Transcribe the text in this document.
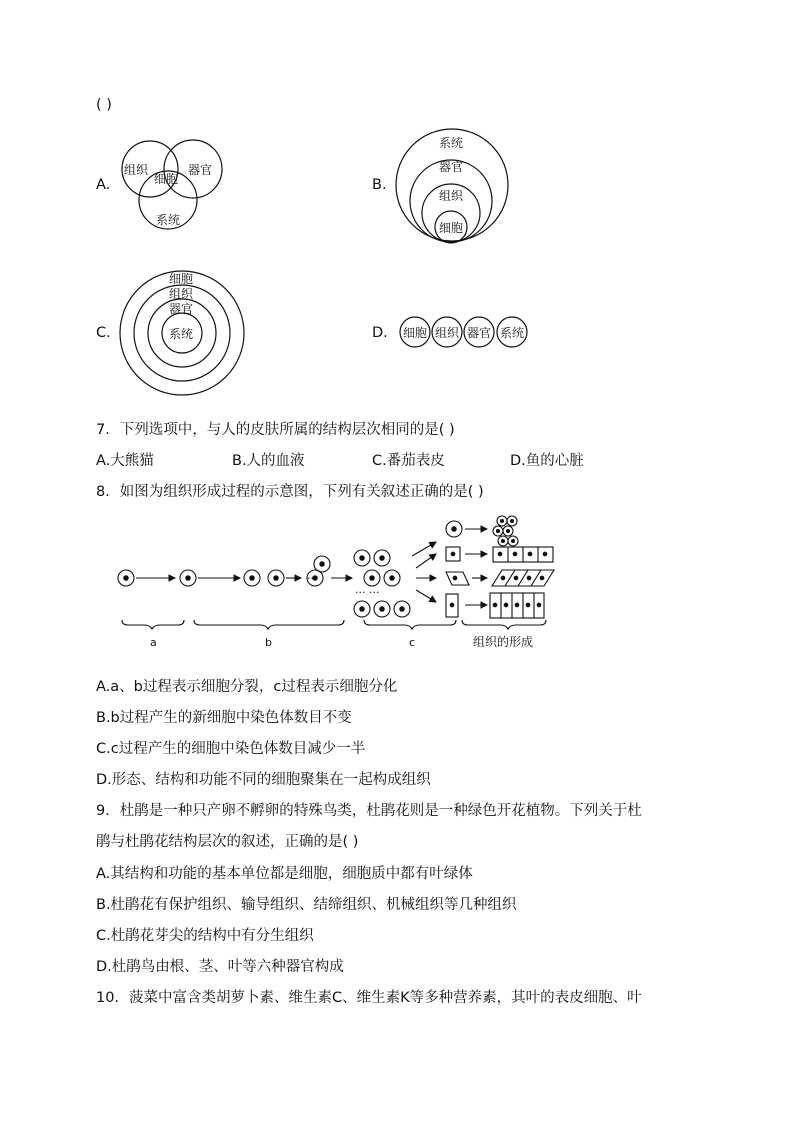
( )
A.
组织	器官
细胞
系统
B.
系统
器官
组织
细胞
C.
细胞
组织
器官
系统	D. 细胞 组织 器官 系统
7．下列选项中，与人的皮肤所属的结构层次相同的是( )
A.大熊猫	B.人的血液	C.番茄表皮	D.鱼的心脏
8．如图为组织形成过程的示意图，下列有关叙述正确的是( )
···
··· ···
a	b	c	组织的形成
A.a、b过程表示细胞分裂，c过程表示细胞分化
B.b过程产生的新细胞中染色体数目不变
C.c过程产生的细胞中染色体数目减少一半
D.形态、结构和功能不同的细胞聚集在一起构成组织
9．杜鹃是一种只产卵不孵卵的特殊鸟类，杜鹃花则是一种绿色开花植物。下列关于杜
鹃与杜鹃花结构层次的叙述，正确的是( )
A.其结构和功能的基本单位都是细胞，细胞质中都有叶绿体
B.杜鹃花有保护组织、输导组织、结缔组织、机械组织等几种组织
C.杜鹃花芽尖的结构中有分生组织
D.杜鹃鸟由根、茎、叶等六种器官构成
10．菠菜中富含类胡萝卜素、维生素C、维生素K等多种营养素，其叶的表皮细胞、叶
